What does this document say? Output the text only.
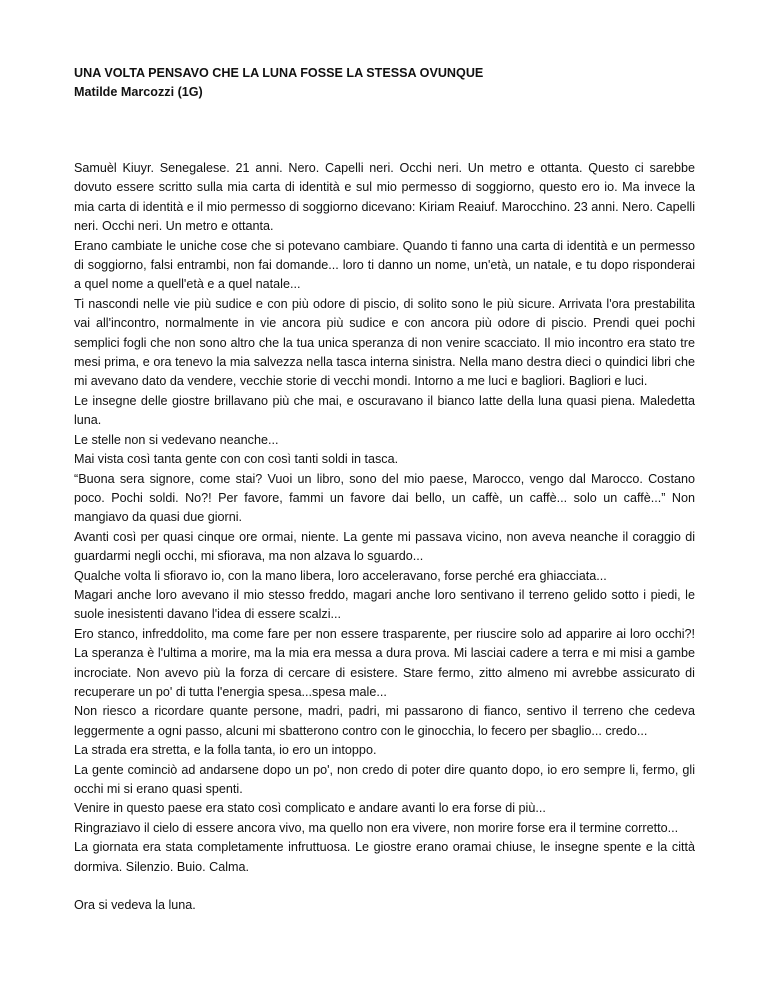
UNA VOLTA PENSAVO CHE LA LUNA FOSSE LA STESSA OVUNQUE

Matilde Marcozzi (1G)

Samuèl Kiuyr. Senegalese. 21 anni. Nero. Capelli neri. Occhi neri. Un metro e ottanta. Questo ci sarebbe dovuto essere scritto sulla mia carta di identità e sul mio permesso di soggiorno, questo ero io. Ma invece la mia carta di identità e il mio permesso di soggiorno dicevano: Kiriam Reaiuf. Marocchino. 23 anni. Nero. Capelli neri. Occhi neri. Un metro e ottanta.

Erano cambiate le uniche cose che si potevano cambiare. Quando ti fanno una carta di identità e un permesso di soggiorno, falsi entrambi, non fai domande... loro ti danno un nome, un'età, un natale, e tu dopo risponderai a quel nome a quell'età e a quel natale...

Ti nascondi nelle vie più sudice e con più odore di piscio, di solito sono le più sicure. Arrivata l'ora prestabilita vai all'incontro, normalmente in vie ancora più sudice e con ancora più odore di piscio. Prendi quei pochi semplici fogli che non sono altro che la tua unica speranza di non venire scacciato. Il mio incontro era stato tre mesi prima, e ora tenevo la mia salvezza nella tasca interna sinistra. Nella mano destra dieci o quindici libri che mi avevano dato da vendere, vecchie storie di vecchi mondi. Intorno a me luci e bagliori. Bagliori e luci.

Le insegne delle giostre brillavano più che mai, e oscuravano il bianco latte della luna quasi piena. Maledetta luna.

Le stelle non si vedevano neanche...

Mai vista così tanta gente con con così tanti soldi in tasca.

“Buona sera signore, come stai? Vuoi un libro, sono del mio paese, Marocco, vengo dal Marocco. Costano poco. Pochi soldi. No?! Per favore, fammi un favore dai bello, un caffè, un caffè... solo un caffè...” Non mangiavo da quasi due giorni.

Avanti così per quasi cinque ore ormai, niente. La gente mi passava vicino, non aveva neanche il coraggio di guardarmi negli occhi, mi sfiorava, ma non alzava lo sguardo...

Qualche volta li sfioravo io, con la mano libera, loro acceleravano, forse perché era ghiacciata...

Magari anche loro avevano il mio stesso freddo, magari anche loro sentivano il terreno gelido sotto i piedi, le suole inesistenti davano l'idea di essere scalzi...

Ero stanco, infreddolito, ma come fare per non essere trasparente, per riuscire solo ad apparire ai loro occhi?! La speranza è l'ultima a morire, ma la mia era messa a dura prova. Mi lasciai cadere a terra e mi misi a gambe incrociate. Non avevo più la forza di cercare di esistere. Stare fermo, zitto almeno mi avrebbe assicurato di recuperare un po' di tutta l'energia spesa...spesa male...

Non riesco a ricordare quante persone, madri, padri, mi passarono di fianco, sentivo il terreno che cedeva leggermente a ogni passo, alcuni mi sbatterono contro con le ginocchia, lo fecero per sbaglio... credo...

La strada era stretta, e la folla tanta, io ero un intoppo.

La gente cominciò ad andarsene dopo un po', non credo di poter dire quanto dopo, io ero sempre li, fermo, gli occhi mi si erano quasi spenti.

Venire in questo paese era stato così complicato e andare avanti lo era forse di più...

Ringraziavo il cielo di essere ancora vivo, ma quello non era vivere, non morire forse era il termine corretto...

La giornata era stata completamente infruttuosa. Le giostre erano oramai chiuse, le insegne spente e la città dormiva. Silenzio. Buio. Calma.

Ora si vedeva la luna.
